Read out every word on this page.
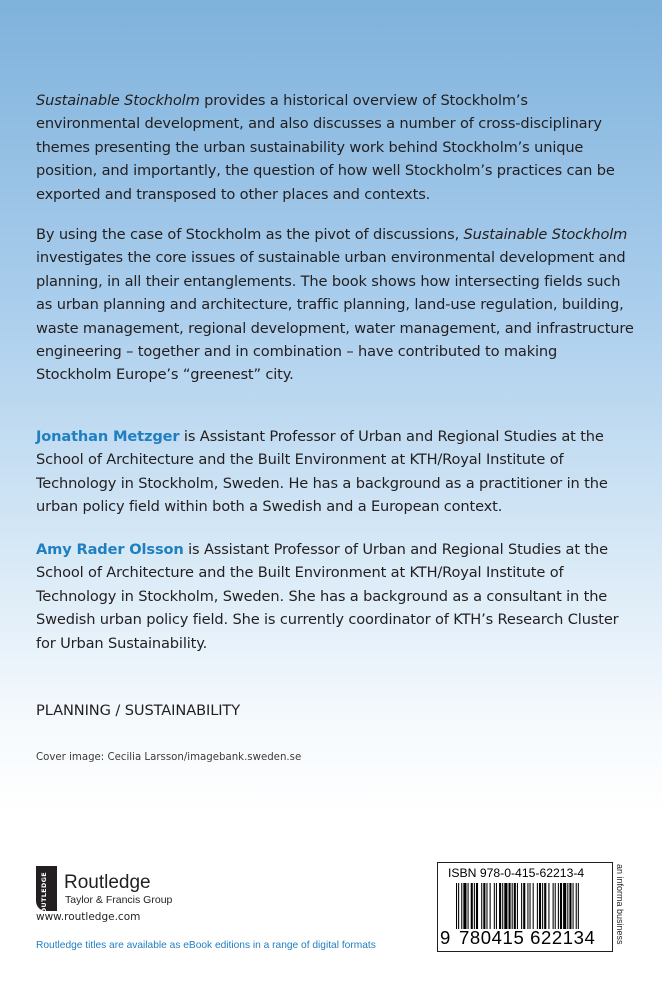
Sustainable Stockholm provides a historical overview of Stockholm’s environmental development, and also discusses a number of cross-disciplinary themes presenting the urban sustainability work behind Stockholm’s unique position, and importantly, the question of how well Stockholm’s practices can be exported and transposed to other places and contexts.

By using the case of Stockholm as the pivot of discussions, Sustainable Stockholm investigates the core issues of sustainable urban environmental development and planning, in all their entanglements. The book shows how intersecting fields such as urban planning and architecture, traffic planning, land-use regulation, building, waste management, regional development, water management, and infrastructure engineering – together and in combination – have contributed to making Stockholm Europe’s “greenest” city.

Jonathan Metzger is Assistant Professor of Urban and Regional Studies at the School of Architecture and the Built Environment at KTH/Royal Institute of Technology in Stockholm, Sweden. He has a background as a practitioner in the urban policy field within both a Swedish and a European context.

Amy Rader Olsson is Assistant Professor of Urban and Regional Studies at the School of Architecture and the Built Environment at KTH/Royal Institute of Technology in Stockholm, Sweden. She has a background as a consultant in the Swedish urban policy field. She is currently coordinator of KTH’s Research Cluster for Urban Sustainability.

PLANNING / SUSTAINABILITY
Cover image: Cecilia Larsson/imagebank.sweden.se
ROUTLEDGE Routledge
Taylor & Francis Group
www.routledge.com
Routledge titles are available as eBook editions in a range of digital formats
ISBN 978-0-415-62213-4
9 780415 622134 an informa business
